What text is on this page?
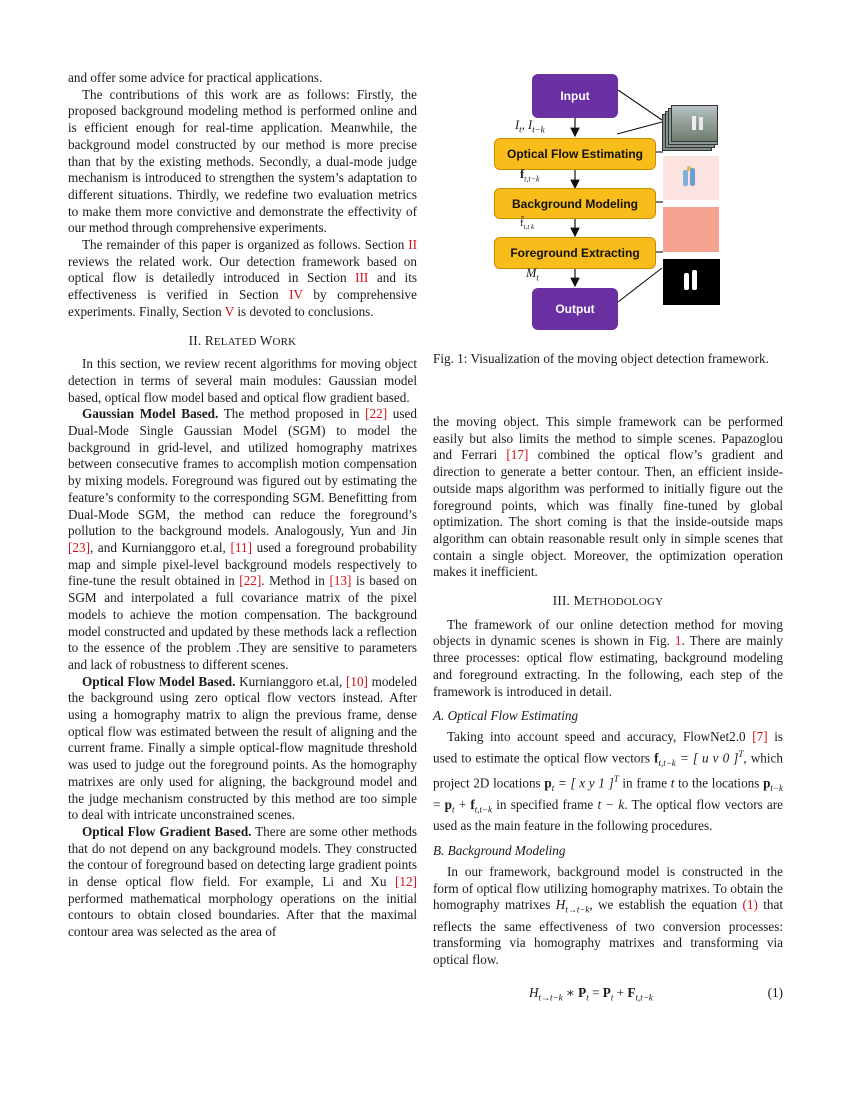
and offer some advice for practical applications.

The contributions of this work are as follows: Firstly, the proposed background modeling method is performed online and is efficient enough for real-time application. Meanwhile, the background model constructed by our method is more precise than that by the existing methods. Secondly, a dual-mode judge mechanism is introduced to strengthen the system’s adaptation to different situations. Thirdly, we redefine two evaluation metrics to make them more convictive and demonstrate the effectivity of our method through comprehensive experiments.

The remainder of this paper is organized as follows. Section II reviews the related work. Our detection framework based on optical flow is detailedly introduced in Section III and its effectiveness is verified in Section IV by comprehensive experiments. Finally, Section V is devoted to conclusions.

II. RELATED WORK

In this section, we review recent algorithms for moving object detection in terms of several main modules: Gaussian model based, optical flow model based and optical flow gradient based.

Gaussian Model Based. The method proposed in [22] used Dual-Mode Single Gaussian Model (SGM) to model the background in grid-level, and utilized homography matrixes between consecutive frames to accomplish motion compensation by mixing models. Foreground was figured out by estimating the feature’s conformity to the corresponding SGM. Benefitting from Dual-Mode SGM, the method can reduce the foreground’s pollution to the background models. Analogously, Yun and Jin [23], and Kurnianggoro et.al, [11] used a foreground probability map and simple pixel-level background models respectively to fine-tune the result obtained in [22]. Method in [13] is based on SGM and interpolated a full covariance matrix of the pixel models to achieve the motion compensation. The background model constructed and updated by these methods lack a reflection to the essence of the problem .They are sensitive to parameters and lack of robustness to different scenes.

Optical Flow Model Based. Kurnianggoro et.al, [10] modeled the background using zero optical flow vectors instead. After using a homography matrix to align the previous frame, dense optical flow was estimated between the result of aligning and the current frame. Finally a simple optical-flow magnitude threshold was used to judge out the foreground points. As the homography matrixes are only used for aligning, the background model and the judge mechanism constructed by this method are too simple to deal with intricate unconstrained scenes.

Optical Flow Gradient Based. There are some other methods that do not depend on any background models. They constructed the contour of foreground based on detecting large gradient points in dense optical flow field. For example, Li and Xu [12] performed mathematical morphology operations on the initial contours to obtain closed boundaries. After that the maximal contour area was selected as the area of

Input
Optical Flow Estimating
Background Modeling
Foreground Extracting
Output
$I_t$, $I_{t-k}$
$f_{t,t-k}$
$f̂_{t,t k}$
$M_t$
Fig. 1: Visualization of the moving object detection framework.

the moving object. This simple framework can be performed easily but also limits the method to simple scenes. Papazoglou and Ferrari [17] combined the optical flow’s gradient and direction to generate a better contour. Then, an efficient inside-outside maps algorithm was performed to initially figure out the foreground points, which was finally fine-tuned by global optimization. The short coming is that the inside-outside maps algorithm can obtain reasonable result only in simple scenes that contain a single object. Moreover, the optimization operation makes it inefficient.

III. METHODOLOGY

The framework of our online detection method for moving objects in dynamic scenes is shown in Fig. 1. There are mainly three processes: optical flow estimating, background modeling and foreground extracting. In the following, each step of the framework is introduced in detail.

A. Optical Flow Estimating

Taking into account speed and accuracy, FlowNet2.0 [7] is used to estimate the optical flow vectors $f_{t,t-k}$ = [ u v 0 ]$^T$, which project 2D locations $p_t$ = [ x y 1 ]$^T$ in frame t to the locations $p_{t-k} = p_t + f_{t,t-k}$ in specified frame t − k. The optical flow vectors are used as the main feature in the following procedures.

B. Background Modeling

In our framework, background model is constructed in the form of optical flow utilizing homography matrixes. To obtain the homography matrixes $H_{t\to t-k}$, we establish the equation (1) that reflects the same effectiveness of two conversion processes: transforming via homography matrixes and transforming via optical flow.

$H_{t\to t-k}$ ∗ $P_t = P_t + F_{t,t-k}$	(1)
